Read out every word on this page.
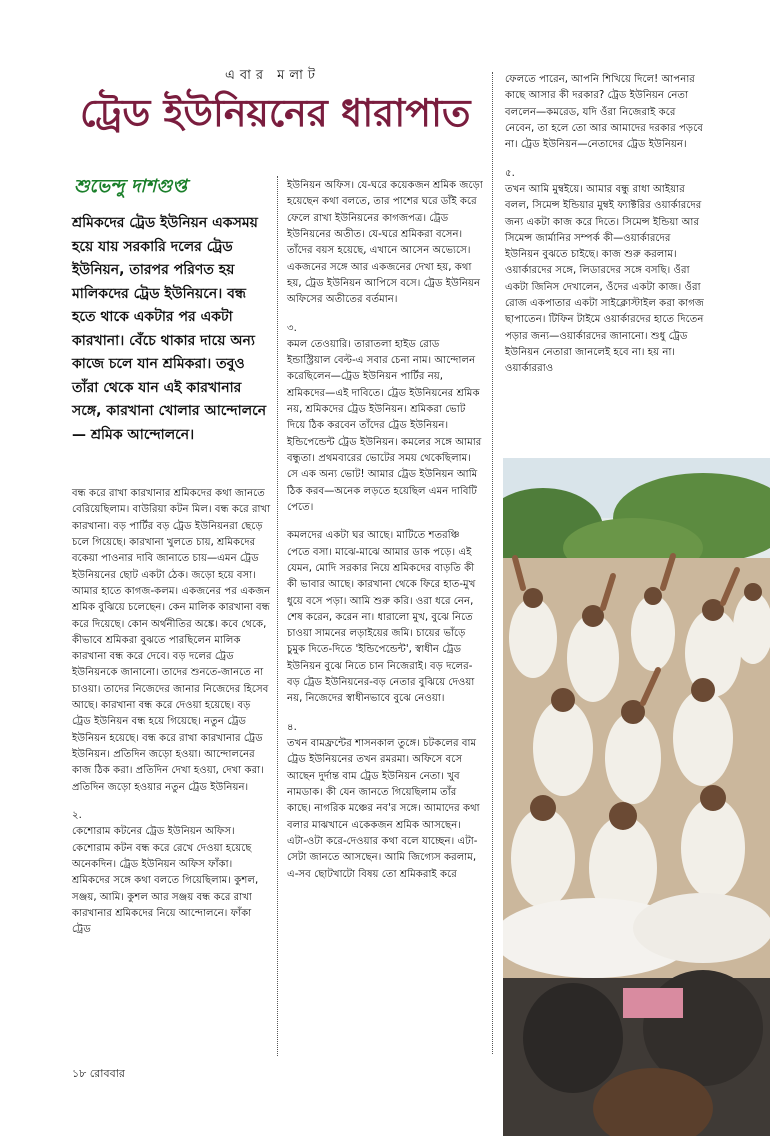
এবার মলাট
ট্রেড ইউনিয়নের ধারাপাত
শুভেন্দু দাশগুপ্ত
শ্রমিকদের ট্রেড ইউনিয়ন একসময় হয়ে যায় সরকারি দলের ট্রেড ইউনিয়ন, তারপর পরিণত হয় মালিকদের ট্রেড ইউনিয়নে। বন্ধ হতে থাকে একটার পর একটা কারখানা। বেঁচে থাকার দায়ে অন্য কাজে চলে যান শ্রমিকরা। তবুও তাঁরা থেকে যান এই কারখানার সঙ্গে, কারখানা খোলার আন্দোলনে— শ্রমিক আন্দোলনে।

বন্ধ করে রাখা কারখানার শ্রমিকদের কথা জানতে বেরিয়েছিলাম। বাউরিয়া কটন মিল। বন্ধ করে রাখা কারখানা। বড় পার্টির বড় ট্রেড ইউনিয়নরা ছেড়ে চলে গিয়েছে। কারখানা খুলতে চায়, শ্রমিকদের বকেয়া পাওনার দাবি জানাতে চায়—এমন ট্রেড ইউনিয়নের ছোট একটা ঠেক। জড়ো হয়ে বসা। আমার হাতে কাগজ-কলম। একজনের পর একজন শ্রমিক বুঝিয়ে চলেছেন। কেন মালিক কারখানা বন্ধ করে দিয়েছে। কোন অর্থনীতির অঙ্কে। কবে থেকে, কীভাবে শ্রমিকরা বুঝতে পারছিলেন মালিক কারখানা বন্ধ করে দেবে। বড় দলের ট্রেড ইউনিয়নকে জানানো। তাদের শুনতে-জানতে না চাওয়া। তাদের নিজেদের জানার নিজেদের হিসেব আছে। কারখানা বন্ধ করে দেওয়া হয়েছে। বড় ট্রেড ইউনিয়ন বন্ধ হয়ে গিয়েছে। নতুন ট্রেড ইউনিয়ন হয়েছে। বন্ধ করে রাখা কারখানার ট্রেড ইউনিয়ন। প্রতিদিন জড়ো হওয়া। আন্দোলনের কাজ ঠিক করা। প্রতিদিন দেখা হওয়া, দেখা করা। প্রতিদিন জড়ো হওয়ার নতুন ট্রেড ইউনিয়ন।

২.

কেশোরাম কটনের ট্রেড ইউনিয়ন অফিস। কেশোরাম কটন বন্ধ করে রেখে দেওয়া হয়েছে অনেকদিন। ট্রেড ইউনিয়ন অফিস ফাঁকা। শ্রমিকদের সঙ্গে কথা বলতে গিয়েছিলাম। কুশল, সঞ্জয়, আমি। কুশল আর সঞ্জয় বন্ধ করে রাখা কারখানার শ্রমিকদের নিয়ে আন্দোলনে। ফাঁকা ট্রেড

ইউনিয়ন অফিস। যে-ঘরে কয়েকজন শ্রমিক জড়ো হয়েছেন কথা বলতে, তার পাশের ঘরে ডাঁই করে ফেলে রাখা ইউনিয়নের কাগজপত্র। ট্রেড ইউনিয়নের অতীত। যে-ঘরে শ্রমিকরা বসেন। তাঁদের বয়স হয়েছে, এখানে আসেন অভ্যেসে। একজনের সঙ্গে আর একজনের দেখা হয়, কথা হয়, ট্রেড ইউনিয়ন আপিসে বসে। ট্রেড ইউনিয়ন অফিসের অতীতের বর্তমান।

৩.

কমল তেওয়ারি। তারাতলা হাইড রোড ইন্ডাস্ট্রিয়াল বেল্ট-এ সবার চেনা নাম। আন্দোলন করেছিলেন—ট্রেড ইউনিয়ন পার্টির নয়, শ্রমিকদের—এই দাবিতে। ট্রেড ইউনিয়নের শ্রমিক নয়, শ্রমিকদের ট্রেড ইউনিয়ন। শ্রমিকরা ভোট দিয়ে ঠিক করবেন তাঁদের ট্রেড ইউনিয়ন। ইন্ডিপেন্ডেন্ট ট্রেড ইউনিয়ন। কমলের সঙ্গে আমার বন্ধুতা। প্রথমবারের ভোটের সময় থেকেছিলাম। সে এক অন্য ভোট! আমার ট্রেড ইউনিয়ন আমি ঠিক করব—অনেক লড়তে হয়েছিল এমন দাবিটি পেতে।

কমলদের একটা ঘর আছে। মাটিতে শতরঞ্চি পেতে বসা। মাঝে-মাঝে আমার ডাক পড়ে। এই যেমন, মোদি সরকার নিয়ে শ্রমিকদের বাড়তি কী কী ভাবার আছে। কারখানা থেকে ফিরে হাত-মুখ ধুয়ে বসে পড়া। আমি শুরু করি। ওরা ধরে নেন, শেষ করেন, করেন না। ধারালো মুখ, বুঝে নিতে চাওয়া সামনের লড়াইয়ের জমি। চায়ের ভাঁড়ে চুমুক দিতে-দিতে 'ইন্ডিপেন্ডেন্ট', স্বাধীন ট্রেড ইউনিয়ন বুঝে নিতে চান নিজেরাই। বড় দলের-বড় ট্রেড ইউনিয়নের-বড় নেতার বুঝিয়ে দেওয়া নয়, নিজেদের স্বাধীনভাবে বুঝে নেওয়া।

৪.

তখন বামফ্রন্টের শাসনকাল তুঙ্গে। চটকলের বাম ট্রেড ইউনিয়নের তখন রমরমা। অফিসে বসে আছেন দুর্দান্ত বাম ট্রেড ইউনিয়ন নেতা। খুব নামডাক। কী যেন জানতে গিয়েছিলাম তাঁর কাছে। নাগরিক মঞ্চের নব'র সঙ্গে। আমাদের কথা বলার মাঝখানে একেকজন শ্রমিক আসছেন। এটা-ওটা করে-দেওয়ার কথা বলে যাচ্ছেন। এটা-সেটা জানতে আসছেন। আমি জিগ্যেস করলাম, এ-সব ছোটখাটো বিষয় তো শ্রমিকরাই করে

ফেলতে পারেন, আপনি শিখিয়ে দিলে! আপনার কাছে আসার কী দরকার? ট্রেড ইউনিয়ন নেতা বললেন—কমরেড, যদি ওঁরা নিজেরাই করে নেবেন, তা হলে তো আর আমাদের দরকার পড়বে না। ট্রেড ইউনিয়ন—নেতাদের ট্রেড ইউনিয়ন।

৫.

তখন আমি মুম্বইয়ে। আমার বন্ধু রাধা আইয়ার বলল, সিমেন্স ইন্ডিয়ার মুম্বই ফ্যাক্টরির ওয়ার্কারদের জন্য একটা কাজ করে দিতে। সিমেন্স ইন্ডিয়া আর সিমেন্স জার্মানির সম্পর্ক কী—ওয়ার্কারদের ইউনিয়ন বুঝতে চাইছে। কাজ শুরু করলাম। ওয়ার্কারদের সঙ্গে, লিডারদের সঙ্গে বসছি। ওঁরা একটা জিনিস দেখালেন, ওঁদের একটা কাজ। ওঁরা রোজ একপাতার একটা সাইক্লোস্টাইল করা কাগজ ছাপাতেন। টিফিন টাইমে ওয়ার্কারদের হাতে দিতেন পড়ার জন্য—ওয়ার্কারদের জানানো। শুধু ট্রেড ইউনিয়ন নেতারা জানলেই হবে না। হয় না। ওয়ার্কাররাও

১৮ রোববার
